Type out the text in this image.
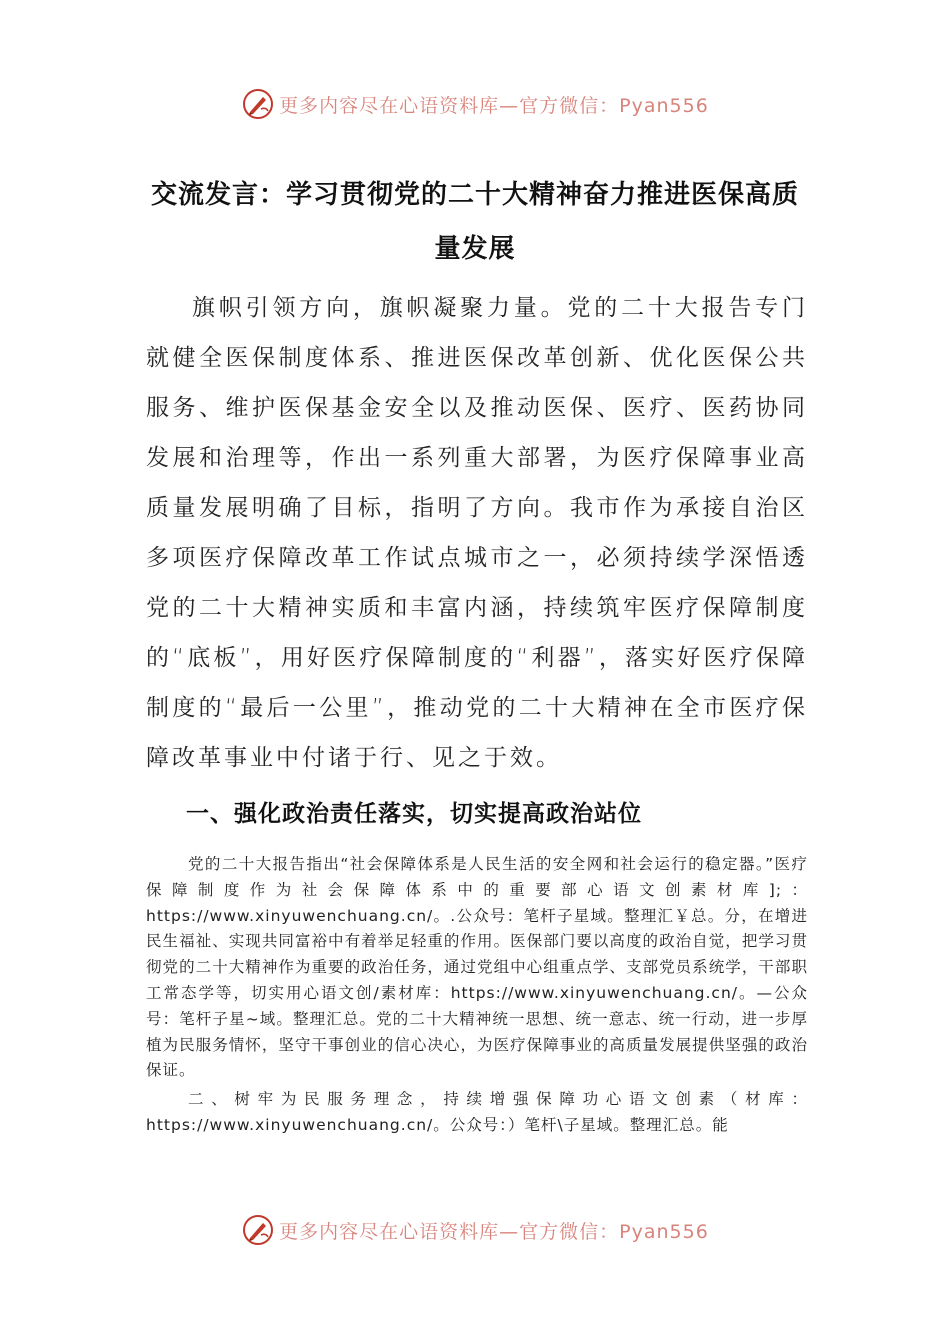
更多内容尽在心语资料库—官方微信：Pyan556
交流发言：学习贯彻党的二十大精神奋力推进医保高质量发展
旗帜引领方向，旗帜凝聚力量。党的二十大报告专门就健全医保制度体系、推进医保改革创新、优化医保公共服务、维护医保基金安全以及推动医保、医疗、医药协同发展和治理等，作出一系列重大部署，为医疗保障事业高质量发展明确了目标，指明了方向。我市作为承接自治区多项医疗保障改革工作试点城市之一，必须持续学深悟透党的二十大精神实质和丰富内涵，持续筑牢医疗保障制度的“底板”，用好医疗保障制度的“利器”，落实好医疗保障制度的“最后一公里”，推动党的二十大精神在全市医疗保障改革事业中付诸于行、见之于效。
一、强化政治责任落实，切实提高政治站位
党的二十大报告指出“社会保障体系是人民生活的安全网和社会运行的稳定器。”医疗保障制度作为社会保障体系中的重要部心语文创素材库];：https://www.xinyuwenchuang.cn/。.公众号：笔杆子星域。整理汇￥总。分，在增进民生福祉、实现共同富裕中有着举足轻重的作用。医保部门要以高度的政治自觉，把学习贯彻党的二十大精神作为重要的政治任务，通过党组中心组重点学、支部党员系统学，干部职工常态学等，切实用心语文创/素材库：https://www.xinyuwenchuang.cn/。—公众号：笔杆子星~域。整理汇总。党的二十大精神统一思想、统一意志、统一行动，进一步厚植为民服务情怀，坚守干事创业的信心决心，为医疗保障事业的高质量发展提供坚强的政治保证。
二、树牢为民服务理念，持续增强保障功心语文创素（材库：https://www.xinyuwenchuang.cn/。公众号：）笔杆\子星域。整理汇总。能
更多内容尽在心语资料库—官方微信：Pyan556
